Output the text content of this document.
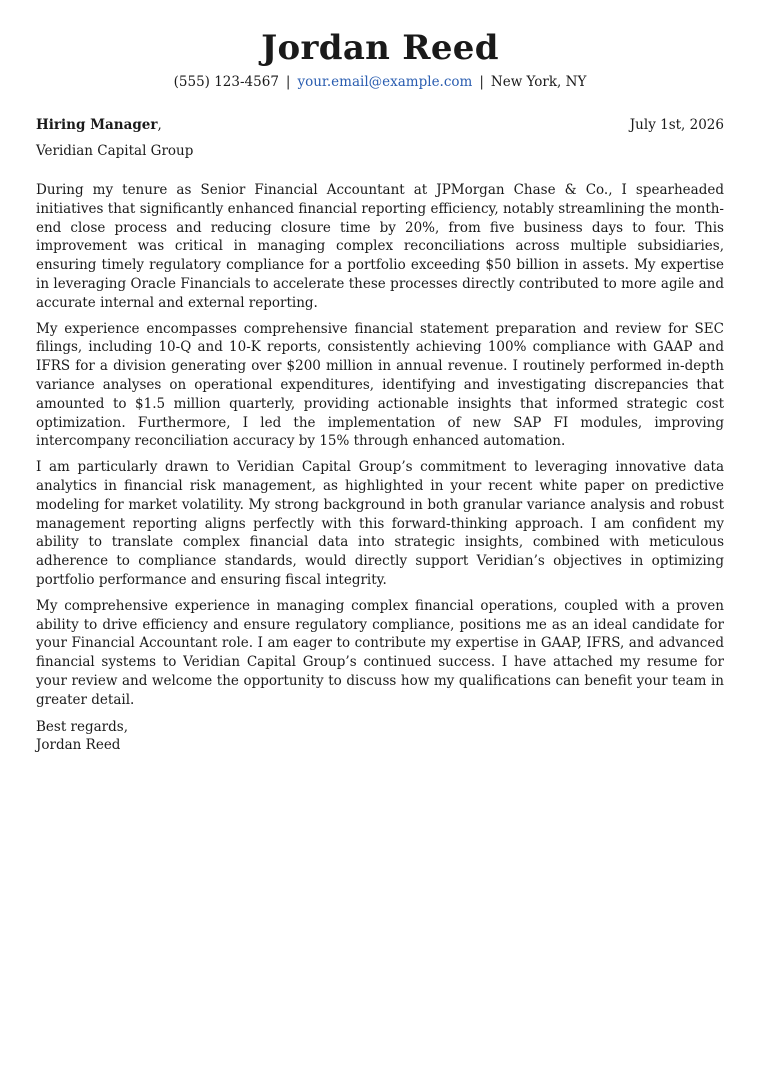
Jordan Reed
(555) 123-4567 | your.email@example.com | New York, NY
Hiring Manager,	July 1st, 2026
Veridian Capital Group

During my tenure as Senior Financial Accountant at JPMorgan Chase & Co., I spearheaded initiatives that significantly enhanced financial reporting efficiency, notably streamlining the month-end close process and reducing closure time by 20%, from five business days to four. This improvement was critical in managing complex reconciliations across multiple subsidiaries, ensuring timely regulatory compliance for a portfolio exceeding $50 billion in assets. My expertise in leveraging Oracle Financials to accelerate these processes directly contributed to more agile and accurate internal and external reporting.

My experience encompasses comprehensive financial statement preparation and review for SEC filings, including 10-Q and 10-K reports, consistently achieving 100% compliance with GAAP and IFRS for a division generating over $200 million in annual revenue. I routinely performed in-depth variance analyses on operational expenditures, identifying and investigating discrepancies that amounted to $1.5 million quarterly, providing actionable insights that informed strategic cost optimization. Furthermore, I led the implementation of new SAP FI modules, improving intercompany reconciliation accuracy by 15% through enhanced automation.

I am particularly drawn to Veridian Capital Group’s commitment to leveraging innovative data analytics in financial risk management, as highlighted in your recent white paper on predictive modeling for market volatility. My strong background in both granular variance analysis and robust management reporting aligns perfectly with this forward-thinking approach. I am confident my ability to translate complex financial data into strategic insights, combined with meticulous adherence to compliance standards, would directly support Veridian’s objectives in optimizing portfolio performance and ensuring fiscal integrity.

My comprehensive experience in managing complex financial operations, coupled with a proven ability to drive efficiency and ensure regulatory compliance, positions me as an ideal candidate for your Financial Accountant role. I am eager to contribute my expertise in GAAP, IFRS, and advanced financial systems to Veridian Capital Group’s continued success. I have attached my resume for your review and welcome the opportunity to discuss how my qualifications can benefit your team in greater detail.

Best regards,
Jordan Reed
